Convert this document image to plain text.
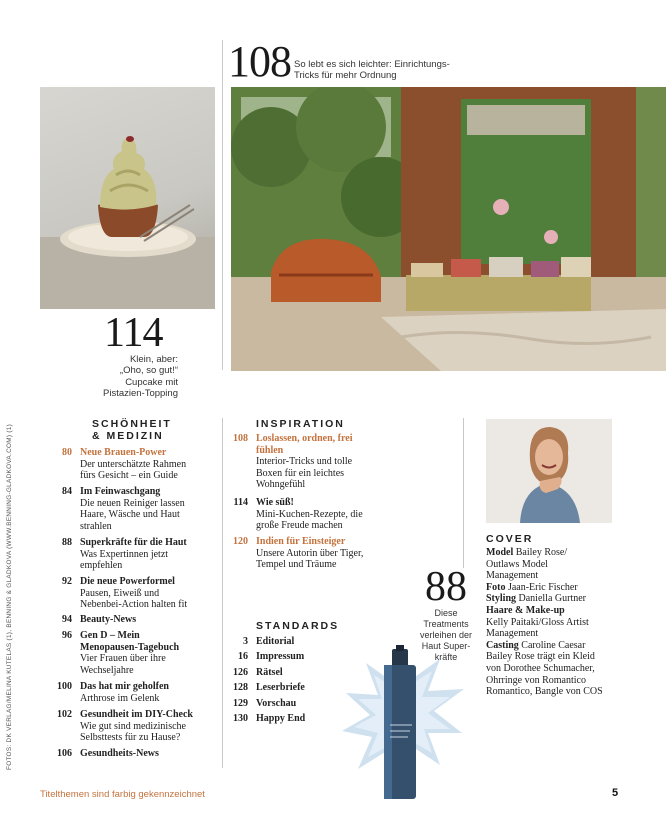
108 So lebt es sich leichter: Einrichtungs-
Tricks für mehr Ordnung
114
Klein, aber:
„Oho, so gut!“
Cupcake mit
Pistazien-Topping
FOTOS: DK VERLAG/MELINA KUTELAS (1), BENNING & GLADKOVA (WWW.BENNING-GLADKOVA.COM) (1)	SCHÖNHEIT
& MEDIZIN
80 Neue Brauen-Power
Der unterschätzte Rahmen
fürs Gesicht – ein Guide
84 Im Feinwaschgang
Die neuen Reiniger lassen
Haare, Wäsche und Haut
strahlen
88 Superkräfte für die Haut
Was Expertinnen jetzt
empfehlen
92 Die neue Powerformel
Pausen, Eiweiß und
Nebenbei-Action halten fit
94 Beauty-News
96 Gen D – Mein
Menopausen-Tagebuch
Vier Frauen über ihre
Wechseljahre
100 Das hat mir geholfen
Arthrose im Gelenk
102 Gesundheit im DIY-Check
Wie gut sind medizinische
Selbsttests für zu Hause?
106 Gesundheits-News
INSPIRATION
108 Loslassen, ordnen, frei
fühlen
Interior-Tricks und tolle
Boxen für ein leichtes
Wohngefühl
114 Wie süß!
Mini-Kuchen-Rezepte, die
große Freude machen
120 Indien für Einsteiger
Unsere Autorin über Tiger,
Tempel und Träume
STANDARDS
3 Editorial
16 Impressum
126 Rätsel
128 Leserbriefe
129 Vorschau
130 Happy End
88
Diese
Treatments
verleihen der
Haut Super-
kräfte
COVER

Model Bailey Rose/

Outlaws Model

Management

Foto Jaan-Eric Fischer

Styling Daniella Gurtner

Haare & Make-up

Kelly Paitaki/Gloss Artist

Management

Casting Caroline Caesar

Bailey Rose trägt ein Kleid

von Dorothee Schumacher,

Ohrringe von Romantico

Romantico, Bangle von COS

Titelthemen sind farbig gekennzeichnet	5
